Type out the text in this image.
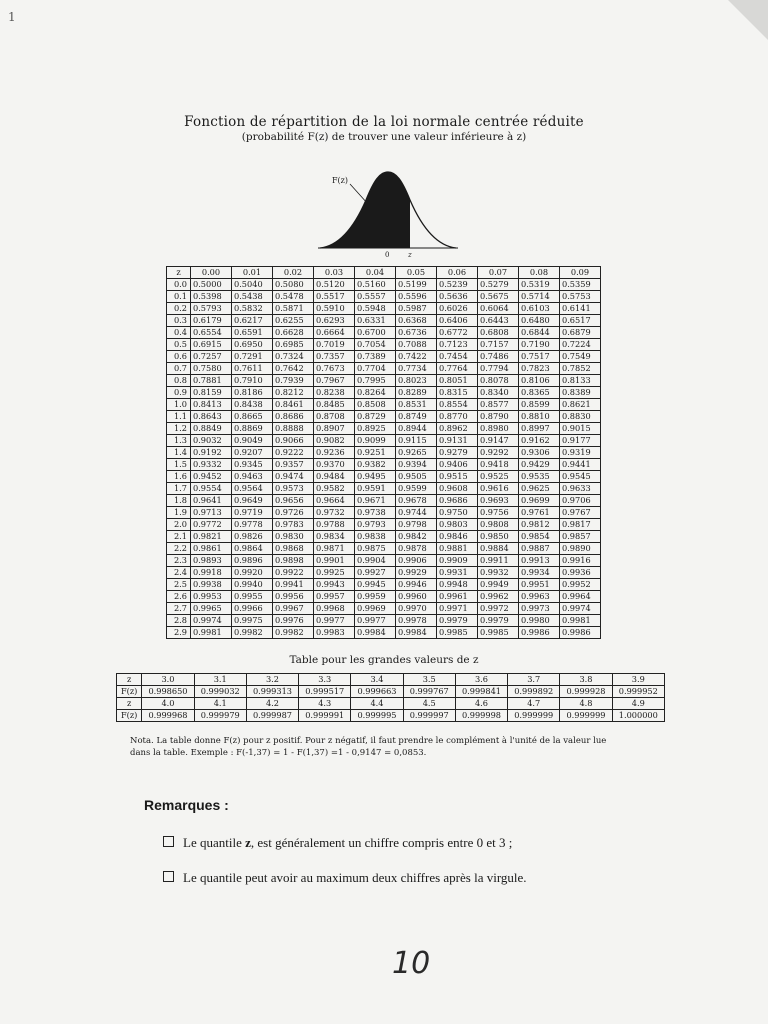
1
Fonction de répartition de la loi normale centrée réduite
(probabilité F(z) de trouver une valeur inférieure à z)
F(z)
0	z
z	0.00	0.01	0.02	0.03	0.04	0.05	0.06	0.07	0.08	0.09
0.0	0.5000	0.5040	0.5080	0.5120	0.5160	0.5199	0.5239	0.5279	0.5319	0.5359
0.1	0.5398	0.5438	0.5478	0.5517	0.5557	0.5596	0.5636	0.5675	0.5714	0.5753
0.2	0.5793	0.5832	0.5871	0.5910	0.5948	0.5987	0.6026	0.6064	0.6103	0.6141
0.3	0.6179	0.6217	0.6255	0.6293	0.6331	0.6368	0.6406	0.6443	0.6480	0.6517
0.4	0.6554	0.6591	0.6628	0.6664	0.6700	0.6736	0.6772	0.6808	0.6844	0.6879
0.5	0.6915	0.6950	0.6985	0.7019	0.7054	0.7088	0.7123	0.7157	0.7190	0.7224
0.6	0.7257	0.7291	0.7324	0.7357	0.7389	0.7422	0.7454	0.7486	0.7517	0.7549
0.7	0.7580	0.7611	0.7642	0.7673	0.7704	0.7734	0.7764	0.7794	0.7823	0.7852
0.8	0.7881	0.7910	0.7939	0.7967	0.7995	0.8023	0.8051	0.8078	0.8106	0.8133
0.9	0.8159	0.8186	0.8212	0.8238	0.8264	0.8289	0.8315	0.8340	0.8365	0.8389
1.0	0.8413	0.8438	0.8461	0.8485	0.8508	0.8531	0.8554	0.8577	0.8599	0.8621
1.1	0.8643	0.8665	0.8686	0.8708	0.8729	0.8749	0.8770	0.8790	0.8810	0.8830
1.2	0.8849	0.8869	0.8888	0.8907	0.8925	0.8944	0.8962	0.8980	0.8997	0.9015
1.3	0.9032	0.9049	0.9066	0.9082	0.9099	0.9115	0.9131	0.9147	0.9162	0.9177
1.4	0.9192	0.9207	0.9222	0.9236	0.9251	0.9265	0.9279	0.9292	0.9306	0.9319
1.5	0.9332	0.9345	0.9357	0.9370	0.9382	0.9394	0.9406	0.9418	0.9429	0.9441
1.6	0.9452	0.9463	0.9474	0.9484	0.9495	0.9505	0.9515	0.9525	0.9535	0.9545
1.7	0.9554	0.9564	0.9573	0.9582	0.9591	0.9599	0.9608	0.9616	0.9625	0.9633
1.8	0.9641	0.9649	0.9656	0.9664	0.9671	0.9678	0.9686	0.9693	0.9699	0.9706
1.9	0.9713	0.9719	0.9726	0.9732	0.9738	0.9744	0.9750	0.9756	0.9761	0.9767
2.0	0.9772	0.9778	0.9783	0.9788	0.9793	0.9798	0.9803	0.9808	0.9812	0.9817
2.1	0.9821	0.9826	0.9830	0.9834	0.9838	0.9842	0.9846	0.9850	0.9854	0.9857
2.2	0.9861	0.9864	0.9868	0.9871	0.9875	0.9878	0.9881	0.9884	0.9887	0.9890
2.3	0.9893	0.9896	0.9898	0.9901	0.9904	0.9906	0.9909	0.9911	0.9913	0.9916
2.4	0.9918	0.9920	0.9922	0.9925	0.9927	0.9929	0.9931	0.9932	0.9934	0.9936
2.5	0.9938	0.9940	0.9941	0.9943	0.9945	0.9946	0.9948	0.9949	0.9951	0.9952
2.6	0.9953	0.9955	0.9956	0.9957	0.9959	0.9960	0.9961	0.9962	0.9963	0.9964
2.7	0.9965	0.9966	0.9967	0.9968	0.9969	0.9970	0.9971	0.9972	0.9973	0.9974
2.8	0.9974	0.9975	0.9976	0.9977	0.9977	0.9978	0.9979	0.9979	0.9980	0.9981
2.9	0.9981	0.9982	0.9982	0.9983	0.9984	0.9984	0.9985	0.9985	0.9986	0.9986
Table pour les grandes valeurs de z
z	3.0	3.1	3.2	3.3	3.4	3.5	3.6	3.7	3.8	3.9
F(z)	0.998650	0.999032	0.999313	0.999517	0.999663	0.999767	0.999841	0.999892	0.999928	0.999952
z	4.0	4.1	4.2	4.3	4.4	4.5	4.6	4.7	4.8	4.9
F(z)	0.999968	0.999979	0.999987	0.999991	0.999995	0.999997	0.999998	0.999999	0.999999	1.000000
Nota. La table donne F(z) pour z positif. Pour z négatif, il faut prendre le complément à l'unité de la valeur lue
dans la table. Exemple : F(-1,37) = 1 - F(1,37) =1 - 0,9147 = 0,0853.
Remarques :
Le quantile z, est généralement un chiffre compris entre 0 et 3 ;
Le quantile peut avoir au maximum deux chiffres après la virgule.
10
